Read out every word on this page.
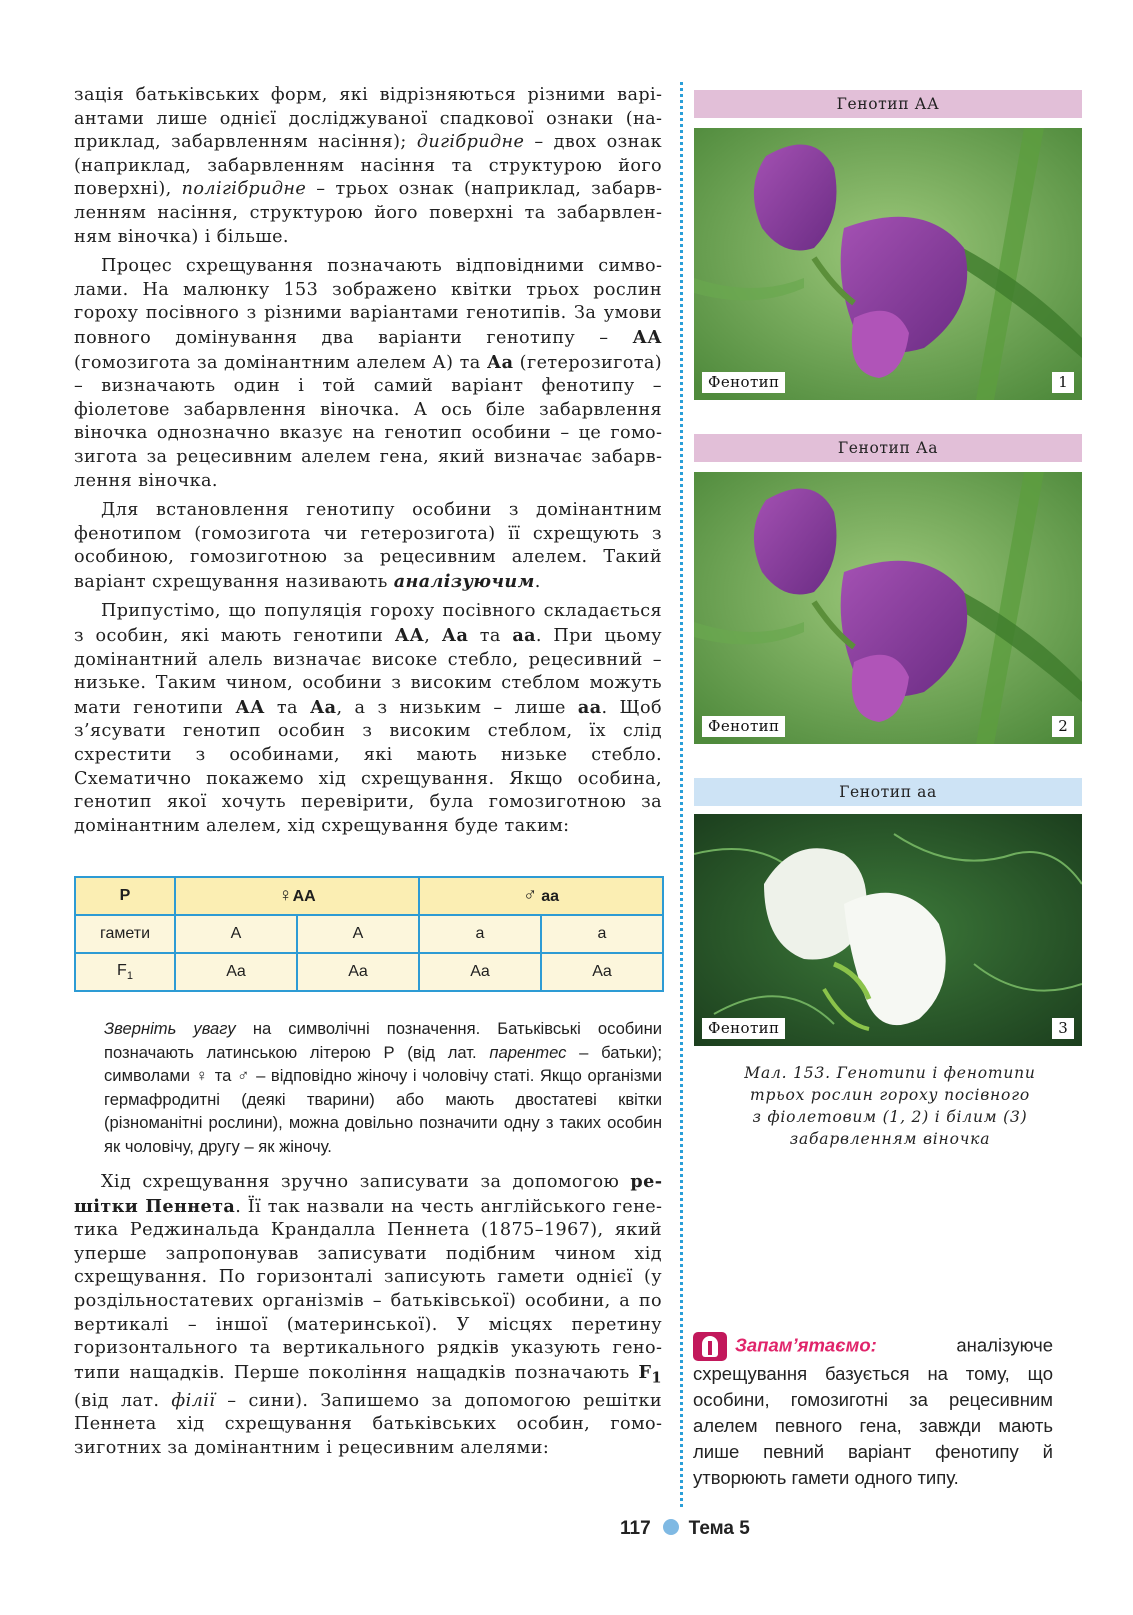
зація батьківських форм, які відрізняються різними варіантами лише однієї досліджуваної спадкової ознаки (наприклад, забарвленням насіння); дигібридне – двох ознак (наприклад, забарвленням насіння та структурою його поверхні), полігібридне – трьох ознак (наприклад, забарвленням насіння, структурою його поверхні та забарвленням віночка) і більше.

Процес схрещування позначають відповідними символами. На малюнку 153 зображено квітки трьох рослин гороху посівного з різними варіантами генотипів. За умови повного домінування два варіанти генотипу – АА (гомозигота за домінантним алелем А) та Аа (гетерозигота) – визначають один і той самий варіант фенотипу – фіолетове забарвлення віночка. А ось біле забарвлення віночка однозначно вказує на генотип особини – це гомозигота за рецесивним алелем гена, який визначає забарвлення віночка.

Для встановлення генотипу особини з домінантним фенотипом (гомозигота чи гетерозигота) її схрещують з особиною, гомозиготною за рецесивним алелем. Такий варіант схрещування називають аналізуючим.

Припустімо, що популяція гороху посівного складається з особин, які мають генотипи АА, Аа та аа. При цьому домінантний алель визначає високе стебло, рецесивний – низьке. Таким чином, особини з високим стеблом можуть мати генотипи АА та Аа, а з низьким – лише аа. Щоб з’ясувати генотип особин з високим стеблом, їх слід схрестити з особинами, які мають низьке стебло. Схематично покажемо хід схрещування. Якщо особина, генотип якої хочуть перевірити, була гомозиготною за домінантним алелем, хід схрещування буде таким:

P	♀AA		♂ aa	
гамети	A	A	a	a
$F_1$	Aa	Aa	Aa	Aa

Зверніть увагу на символічні позначення. Батьківські особини позначають латинською літерою Р (від лат. парентес – батьки); символами ♀ та ♂ – відповідно жіночу і чоловічу статі. Якщо організми гермафродитні (деякі тварини) або мають двостатеві квітки (різноманітні рослини), можна довільно позначити одну з таких особин як чоловічу, другу – як жіночу.

Хід схрещування зручно записувати за допомогою решітки Пеннета. Її так назвали на честь англійського генетика Реджинальда Крандалла Пеннета (1875–1967), який уперше запропонував записувати подібним чином хід схрещування. По горизонталі записують гамети однієї (у роздільностатевих організмів – батьківської) особини, а по вертикалі – іншої (материнської). У місцях перетину горизонтального та вертикального рядків указують генотипи нащадків. Перше покоління нащадків позначають $F_1$ (від лат. філії – сини). Запишемо за допомогою решітки Пеннета хід схрещування батьківських особин, гомозиготних за домінантним і рецесивним алелями:

Генотип АА
Фенотип	1
Генотип Аа
Фенотип	2
Генотип аа
Фенотип	3
Мал. 153. Генотипи і фенотипи
трьох рослин гороху посівного
з фіолетовим (1, 2) і білим (3)
забарвленням віночка
Запам’ятаємо:	аналізуюче схрещування базується на тому, що особини, гомозиготні за рецесивним алелем певного гена, завжди мають лише певний варіант фенотипу й утворюють гамети одного типу.
117 Тема 5
